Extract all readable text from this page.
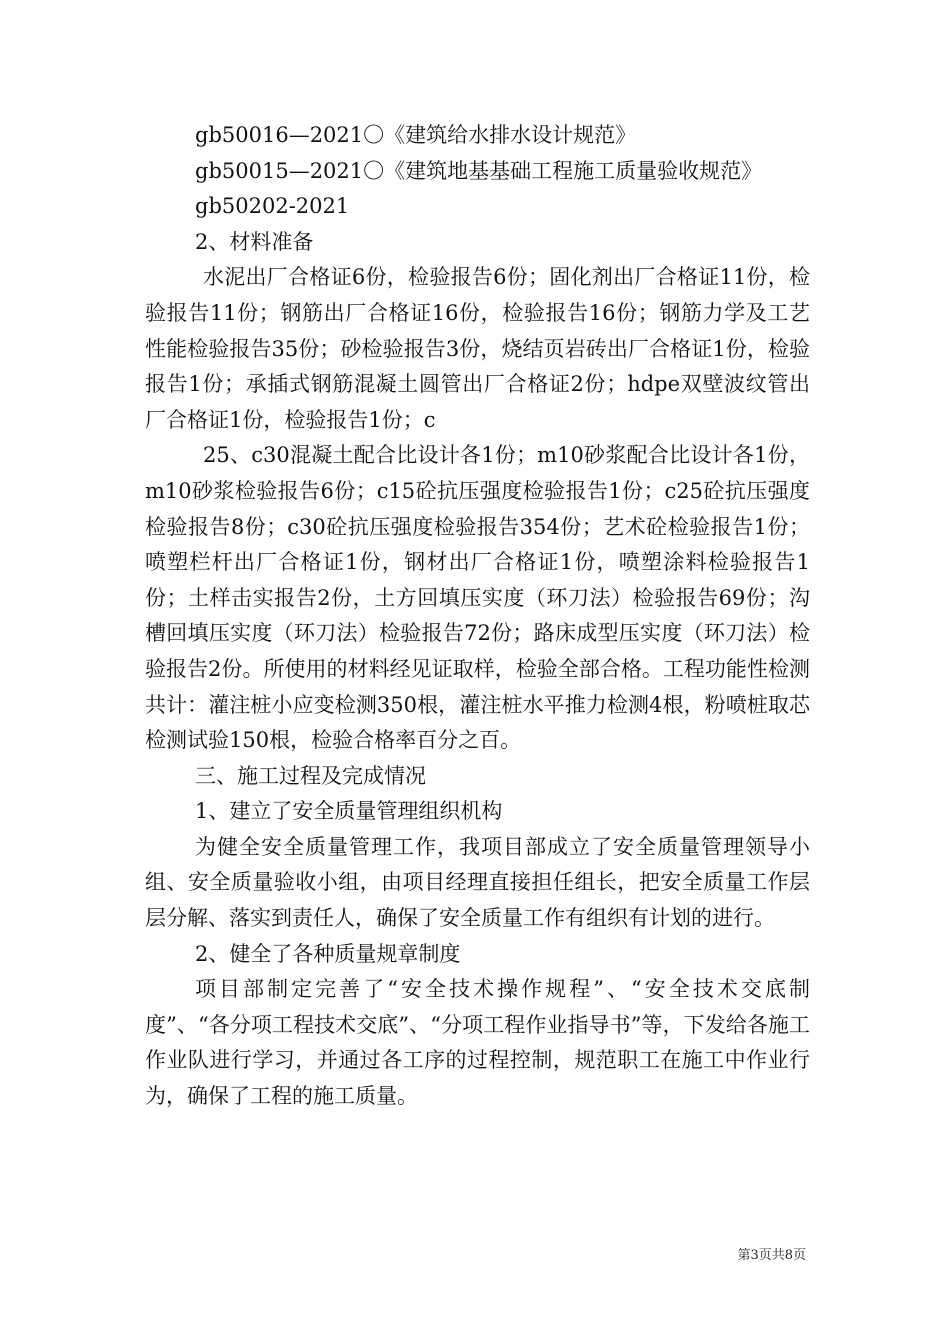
gb50016—2021〇《建筑给水排水设计规范》
gb50015—2021〇《建筑地基基础工程施工质量验收规范》
gb50202-2021
2、材料准备
水泥出厂合格证6份，检验报告6份；固化剂出厂合格证11份，检验报告11份；钢筋出厂合格证16份，检验报告16份；钢筋力学及工艺性能检验报告35份；砂检验报告3份，烧结页岩砖出厂合格证1份，检验报告1份；承插式钢筋混凝土圆管出厂合格证2份；hdpe双壁波纹管出厂合格证1份，检验报告1份；c
25、c30混凝土配合比设计各1份；m10砂浆配合比设计各1份，m10砂浆检验报告6份；c15砼抗压强度检验报告1份；c25砼抗压强度检验报告8份；c30砼抗压强度检验报告354份；艺术砼检验报告1份；喷塑栏杆出厂合格证1份，钢材出厂合格证1份，喷塑涂料检验报告1份；土样击实报告2份，土方回填压实度（环刀法）检验报告69份；沟槽回填压实度（环刀法）检验报告72份；路床成型压实度（环刀法）检验报告2份。所使用的材料经见证取样，检验全部合格。工程功能性检测共计：灌注桩小应变检测350根，灌注桩水平推力检测4根，粉喷桩取芯检测试验150根，检验合格率百分之百。
三、施工过程及完成情况
1、建立了安全质量管理组织机构
为健全安全质量管理工作，我项目部成立了安全质量管理领导小组、安全质量验收小组，由项目经理直接担任组长，把安全质量工作层层分解、落实到责任人，确保了安全质量工作有组织有计划的进行。
2、健全了各种质量规章制度
项目部制定完善了“安全技术操作规程”、“安全技术交底制度”、“各分项工程技术交底”、“分项工程作业指导书”等，下发给各施工作业队进行学习，并通过各工序的过程控制，规范职工在施工中作业行为，确保了工程的施工质量。
第3页共8页
